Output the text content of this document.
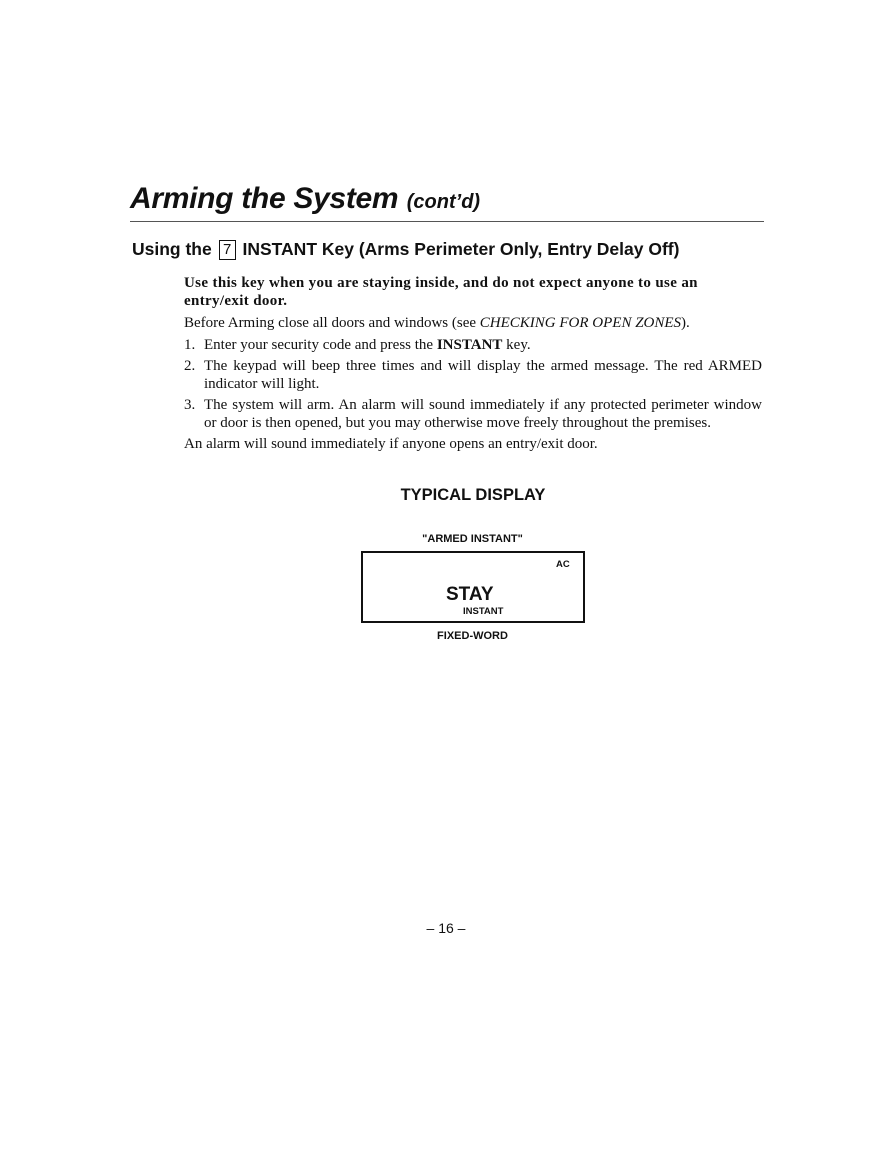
Arming the System (cont’d)
Using the 7 INSTANT Key (Arms Perimeter Only, Entry Delay Off)

Use this key when you are staying inside, and do not expect anyone to use an entry/exit door.

Before Arming close all doors and windows (see CHECKING FOR OPEN ZONES).

1. Enter your security code and press the INSTANT key.
2. The keypad will beep three times and will display the armed message. The red ARMED indicator will light.
3. The system will arm. An alarm will sound immediately if any protected perimeter window or door is then opened, but you may otherwise move freely throughout the premises.

An alarm will sound immediately if anyone opens an entry/exit door.

TYPICAL DISPLAY
"ARMED INSTANT"
AC
STAY
INSTANT
FIXED-WORD
– 16 –
